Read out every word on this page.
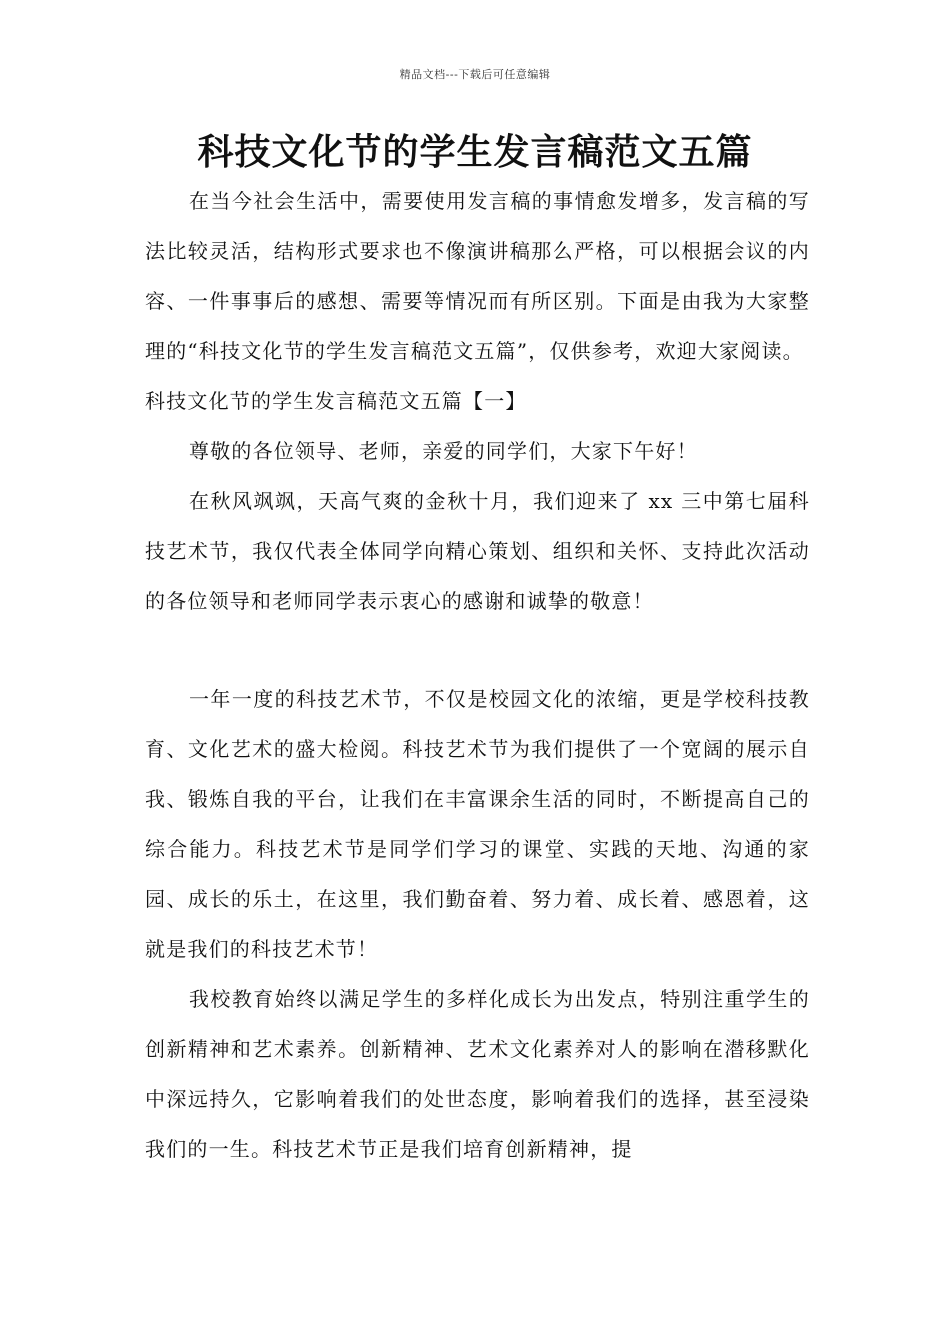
精品文档---下载后可任意编辑
科技文化节的学生发言稿范文五篇

在当今社会生活中，需要使用发言稿的事情愈发增多，发言稿的写法比较灵活，结构形式要求也不像演讲稿那么严格，可以根据会议的内容、一件事事后的感想、需要等情况而有所区别。下面是由我为大家整理的“科技文化节的学生发言稿范文五篇”，仅供参考，欢迎大家阅读。

科技文化节的学生发言稿范文五篇【一】

尊敬的各位领导、老师，亲爱的同学们，大家下午好！

在秋风飒飒，天高气爽的金秋十月，我们迎来了 xx 三中第七届科技艺术节，我仅代表全体同学向精心策划、组织和关怀、支持此次活动的各位领导和老师同学表示衷心的感谢和诚挚的敬意！

一年一度的科技艺术节，不仅是校园文化的浓缩，更是学校科技教育、文化艺术的盛大检阅。科技艺术节为我们提供了一个宽阔的展示自我、锻炼自我的平台，让我们在丰富课余生活的同时，不断提高自己的综合能力。科技艺术节是同学们学习的课堂、实践的天地、沟通的家园、成长的乐土，在这里，我们勤奋着、努力着、成长着、感恩着，这就是我们的科技艺术节！

我校教育始终以满足学生的多样化成长为出发点，特别注重学生的创新精神和艺术素养。创新精神、艺术文化素养对人的影响在潜移默化中深远持久，它影响着我们的处世态度，影响着我们的选择，甚至浸染我们的一生。科技艺术节正是我们培育创新精神，提
